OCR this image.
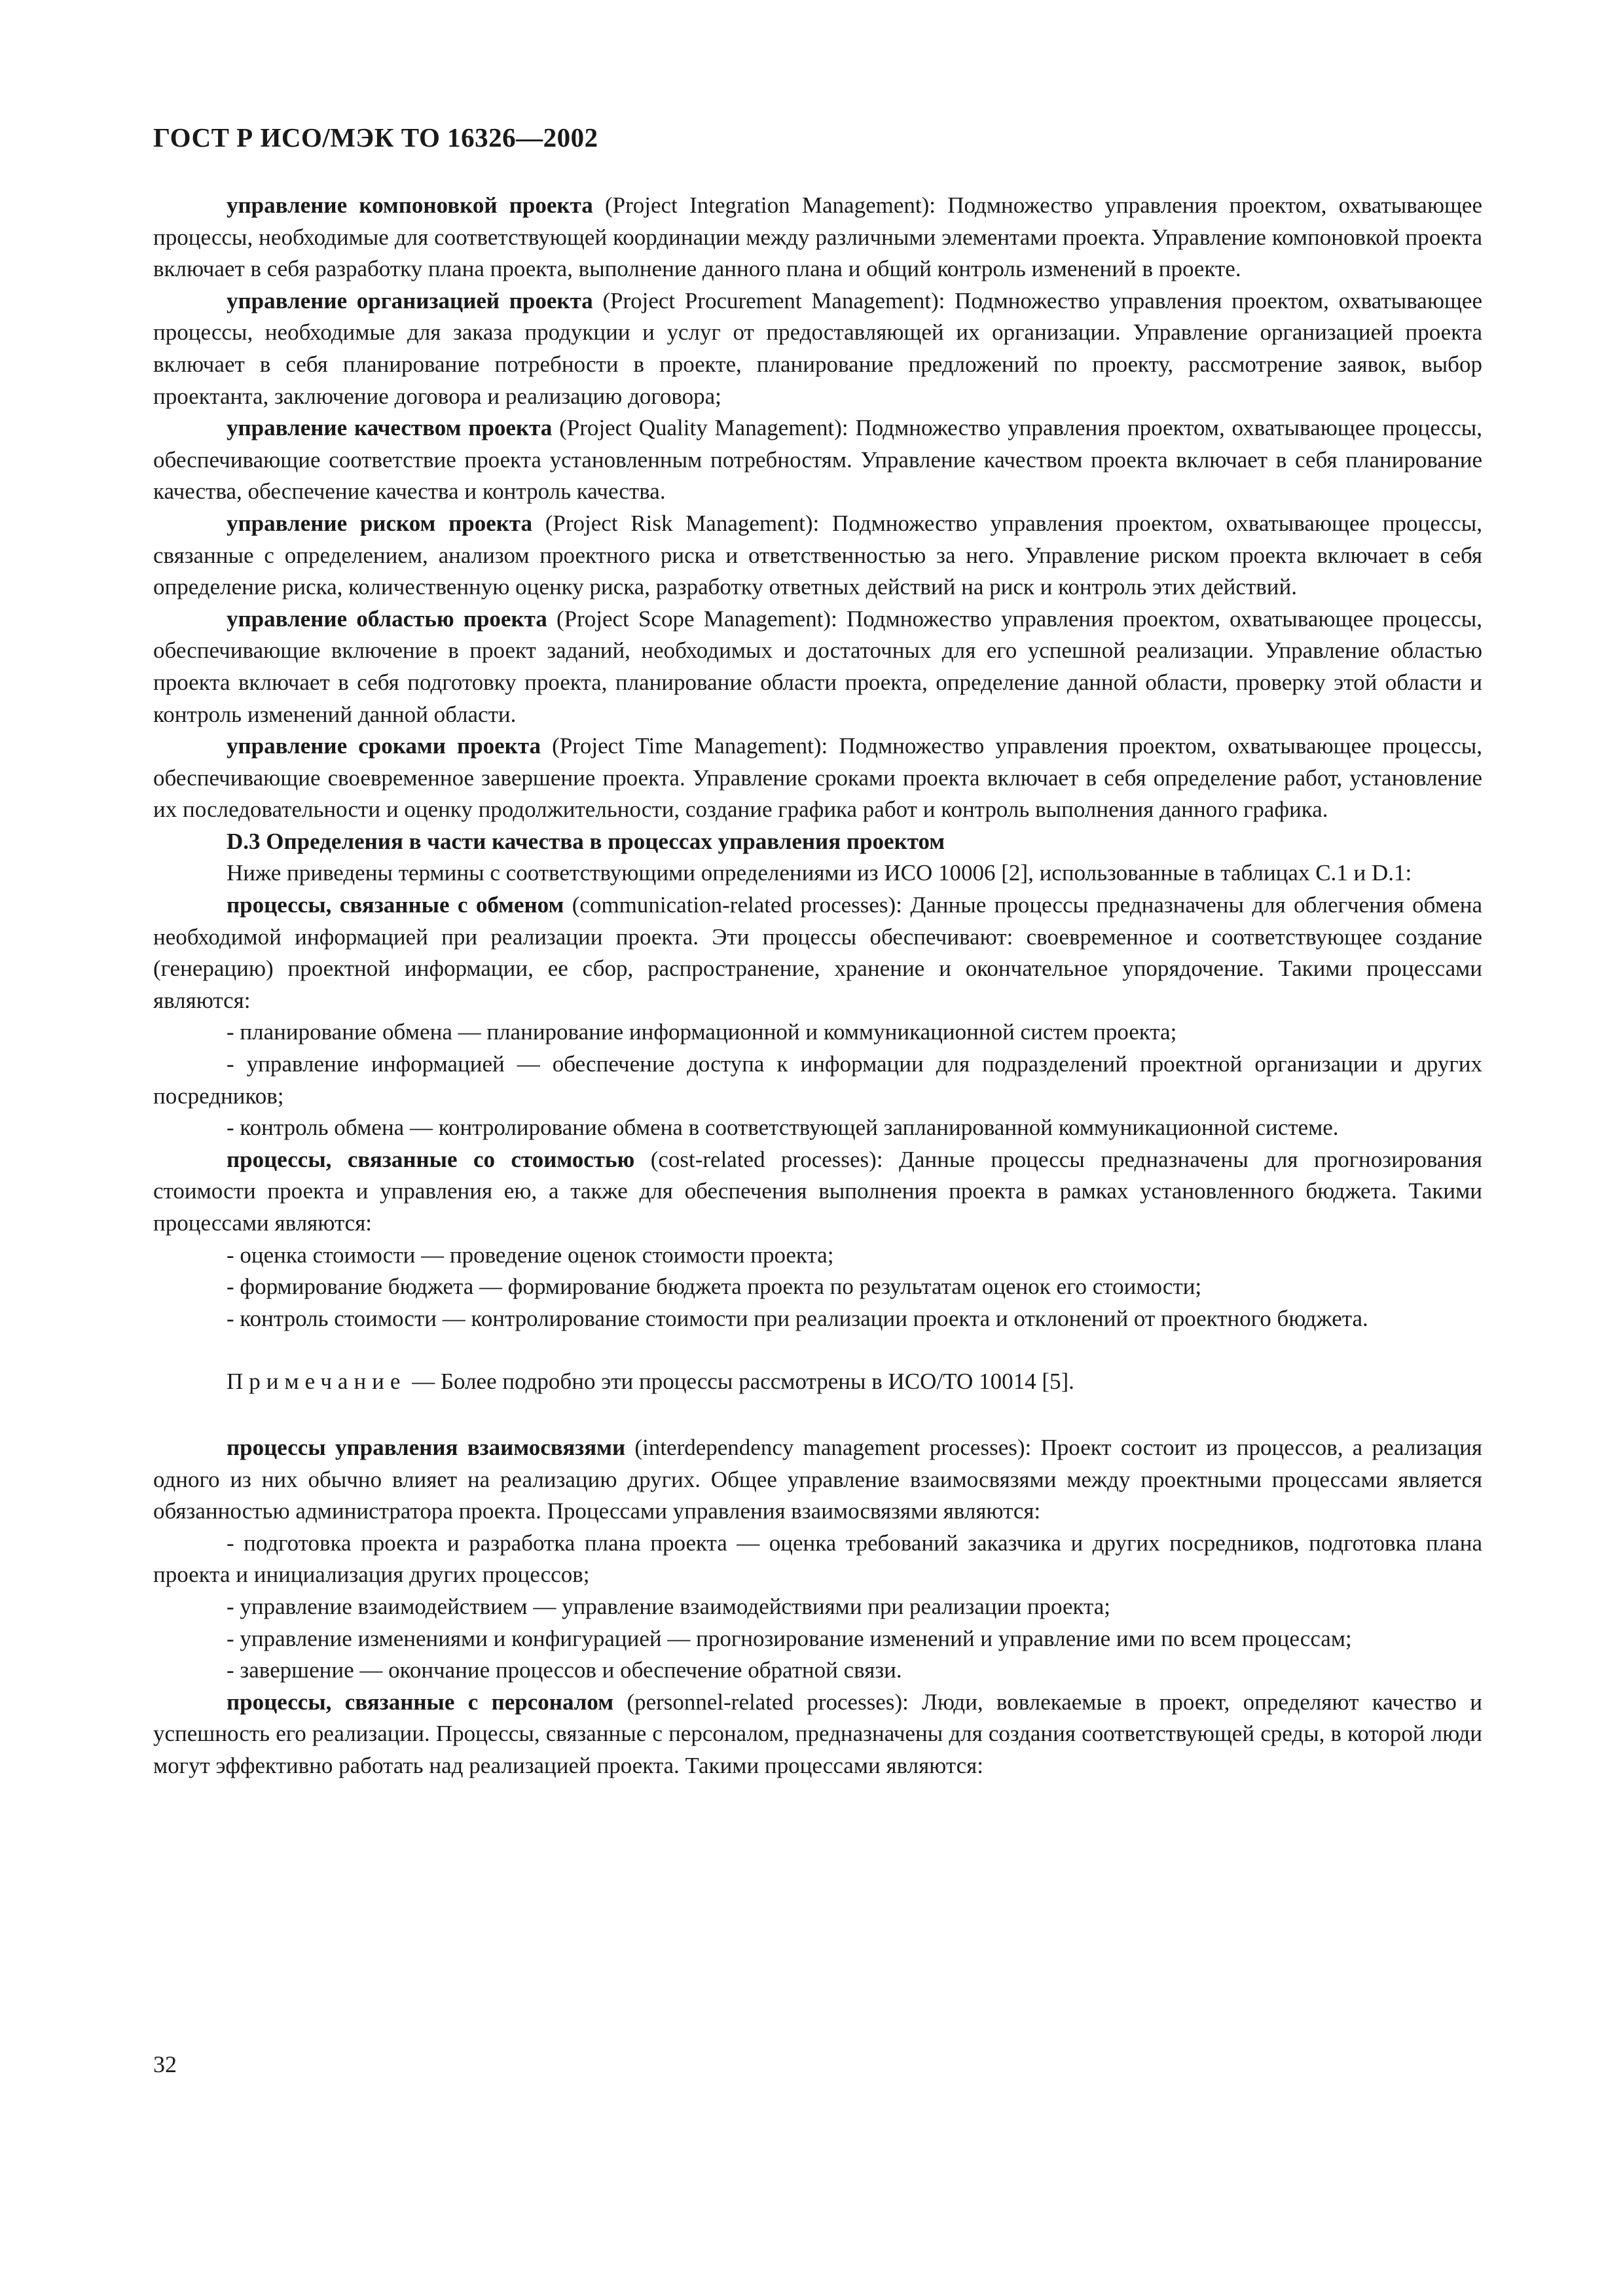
ГОСТ Р ИСО/МЭК ТО 16326—2002

управление компоновкой проекта (Project Integration Management): Подмножество управления проектом, охватывающее процессы, необходимые для соответствующей координации между различными элементами проекта. Управление компоновкой проекта включает в себя разработку плана проекта, выполнение данного плана и общий контроль изменений в проекте.

управление организацией проекта (Project Procurement Management): Подмножество управления проектом, охватывающее процессы, необходимые для заказа продукции и услуг от предоставляющей их организации. Управление организацией проекта включает в себя планирование потребности в проекте, планирование предложений по проекту, рассмотрение заявок, выбор проектанта, заключение договора и реализацию договора;

управление качеством проекта (Project Quality Management): Подмножество управления проектом, охватывающее процессы, обеспечивающие соответствие проекта установленным потребностям. Управление качеством проекта включает в себя планирование качества, обеспечение качества и контроль качества.

управление риском проекта (Project Risk Management): Подмножество управления проектом, охватывающее процессы, связанные с определением, анализом проектного риска и ответственностью за него. Управление риском проекта включает в себя определение риска, количественную оценку риска, разработку ответных действий на риск и контроль этих действий.

управление областью проекта (Project Scope Management): Подмножество управления проектом, охватывающее процессы, обеспечивающие включение в проект заданий, необходимых и достаточных для его успешной реализации. Управление областью проекта включает в себя подготовку проекта, планирование области проекта, определение данной области, проверку этой области и контроль изменений данной области.

управление сроками проекта (Project Time Management): Подмножество управления проектом, охватывающее процессы, обеспечивающие своевременное завершение проекта. Управление сроками проекта включает в себя определение работ, установление их последовательности и оценку продолжительности, создание графика работ и контроль выполнения данного графика.

D.3 Определения в части качества в процессах управления проектом

Ниже приведены термины с соответствующими определениями из ИСО 10006 [2], использованные в таблицах С.1 и D.1:

процессы, связанные с обменом (communication-related processes): Данные процессы предназначены для облегчения обмена необходимой информацией при реализации проекта. Эти процессы обеспечивают: своевременное и соответствующее создание (генерацию) проектной информации, ее сбор, распространение, хранение и окончательное упорядочение. Такими процессами являются:

- планирование обмена — планирование информационной и коммуникационной систем проекта;

- управление информацией — обеспечение доступа к информации для подразделений проектной организации и других посредников;

- контроль обмена — контролирование обмена в соответствующей запланированной коммуникационной системе.

процессы, связанные со стоимостью (cost-related processes): Данные процессы предназначены для прогнозирования стоимости проекта и управления ею, а также для обеспечения выполнения проекта в рамках установленного бюджета. Такими процессами являются:

- оценка стоимости — проведение оценок стоимости проекта;

- формирование бюджета — формирование бюджета проекта по результатам оценок его стоимости;

- контроль стоимости — контролирование стоимости при реализации проекта и отклонений от проектного бюджета.

Примечание — Более подробно эти процессы рассмотрены в ИСО/ТО 10014 [5].

процессы управления взаимосвязями (interdependency management processes): Проект состоит из процессов, а реализация одного из них обычно влияет на реализацию других. Общее управление взаимосвязями между проектными процессами является обязанностью администратора проекта. Процессами управления взаимосвязями являются:

- подготовка проекта и разработка плана проекта — оценка требований заказчика и других посредников, подготовка плана проекта и инициализация других процессов;

- управление взаимодействием — управление взаимодействиями при реализации проекта;

- управление изменениями и конфигурацией — прогнозирование изменений и управление ими по всем процессам;

- завершение — окончание процессов и обеспечение обратной связи.

процессы, связанные с персоналом (personnel-related processes): Люди, вовлекаемые в проект, определяют качество и успешность его реализации. Процессы, связанные с персоналом, предназначены для создания соответствующей среды, в которой люди могут эффективно работать над реализацией проекта. Такими процессами являются:

32
